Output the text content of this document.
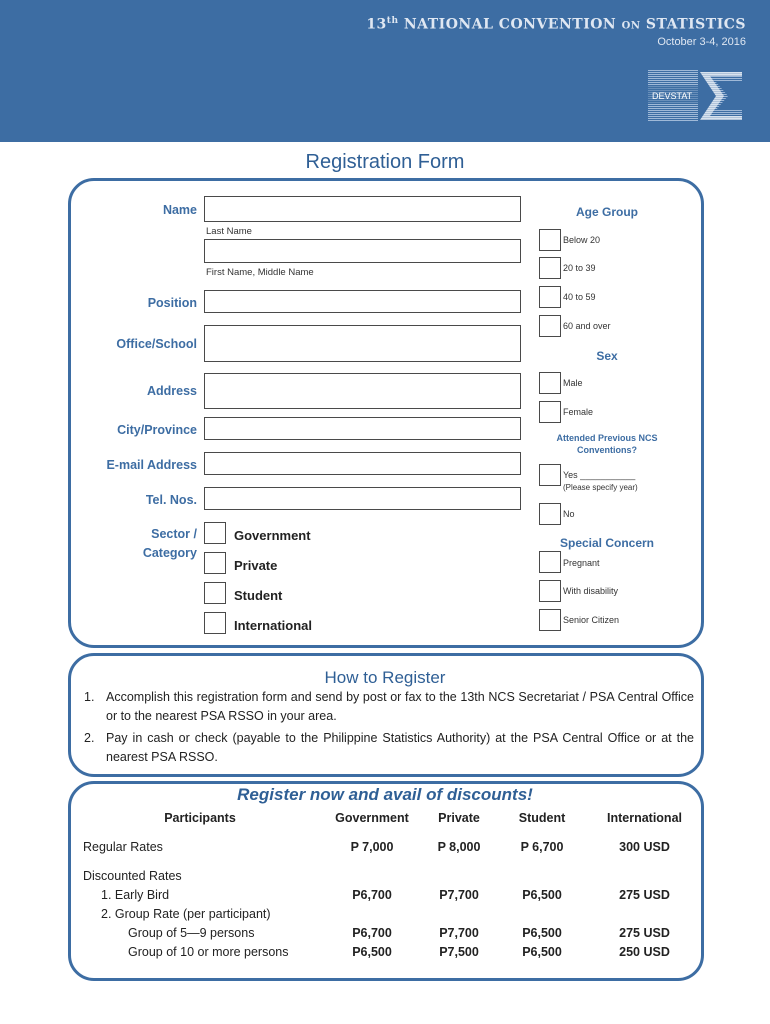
13th NATIONAL CONVENTION ON STATISTICS
October 3-4, 2016
DEVSTAT
Registration Form
Name
Last Name
First Name, Middle Name
Position
Office/School
Address
City/Province
E-mail Address
Tel. Nos.
Sector /
Category
Government
Private
Student
International
Age Group
Below 20
20 to 39
40 to 59
60 and over
Sex
Male
Female
Attended Previous NCS
Conventions?
Yes ___________
(Please specify year)
No
Special Concern
Pregnant
With disability
Senior Citizen
How to Register
1. Accomplish this registration form and send by post or fax to the 13th NCS Secretariat / PSA Central Office or to the nearest PSA RSSO in your area.
2. Pay in cash or check (payable to the Philippine Statistics Authority) at the PSA Central Office or at the nearest PSA RSSO.
Register now and avail of discounts!
Participants	Government	Private	Student	International
Regular Rates	P 7,000	P 8,000	P 6,700	300 USD
Discounted Rates
1. Early Bird	P6,700	P7,700	P6,500	275 USD
2. Group Rate (per participant)
Group of 5—9 persons	P6,700	P7,700	P6,500	275 USD
Group of 10 or more persons	P6,500	P7,500	P6,500	250 USD
